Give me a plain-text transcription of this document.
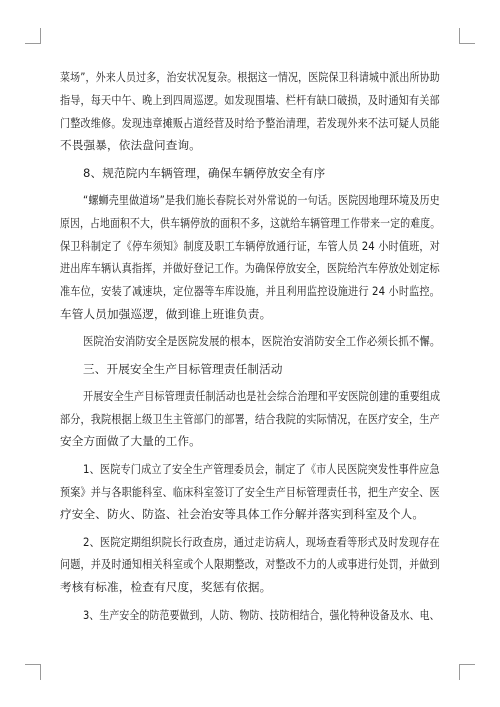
菜场”，外来人员过多，治安状况复杂。根据这一情况，医院保卫科请城中派出所协助
指导，每天中午、晚上到四周巡逻。如发现围墙、栏杆有缺口破损，及时通知有关部
门整改维修。发现违章摊贩占道经营及时给予整治清理，若发现外来不法可疑人员能
不畏强暴，依法盘问查询。

8、规范院内车辆管理，确保车辆停放安全有序

“螺蛳壳里做道场”是我们施长春院长对外常说的一句话。医院因地理环境及历史
原因，占地面积不大，供车辆停放的面积不多，这就给车辆管理工作带来一定的难度。
保卫科制定了《停车须知》制度及职工车辆停放通行证，车管人员 24 小时值班，对
进出库车辆认真指挥，并做好登记工作。为确保停放安全，医院给汽车停放处划定标
准车位，安装了减速块，定位器等车库设施，并且利用监控设施进行 24 小时监控。
车管人员加强巡逻，做到谁上班谁负责。

医院治安消防安全是医院发展的根本，医院治安消防安全工作必须长抓不懈。

三、开展安全生产目标管理责任制活动

开展安全生产目标管理责任制活动也是社会综合治理和平安医院创建的重要组成
部分，我院根据上级卫生主管部门的部署，结合我院的实际情况，在医疗安全，生产
安全方面做了大量的工作。

1、医院专门成立了安全生产管理委员会，制定了《市人民医院突发性事件应急
预案》并与各职能科室、临床科室签订了安全生产目标管理责任书，把生产安全、医
疗安全、防火、防盗、社会治安等具体工作分解并落实到科室及个人。

2、医院定期组织院长行政查房，通过走访病人，现场查看等形式及时发现存在
问题，并及时通知相关科室或个人限期整改，对整改不力的人或事进行处罚，并做到
考核有标准，检查有尺度，奖惩有依据。

3、生产安全的防范要做到，人防、物防、技防相结合，强化特种设备及水、电、
